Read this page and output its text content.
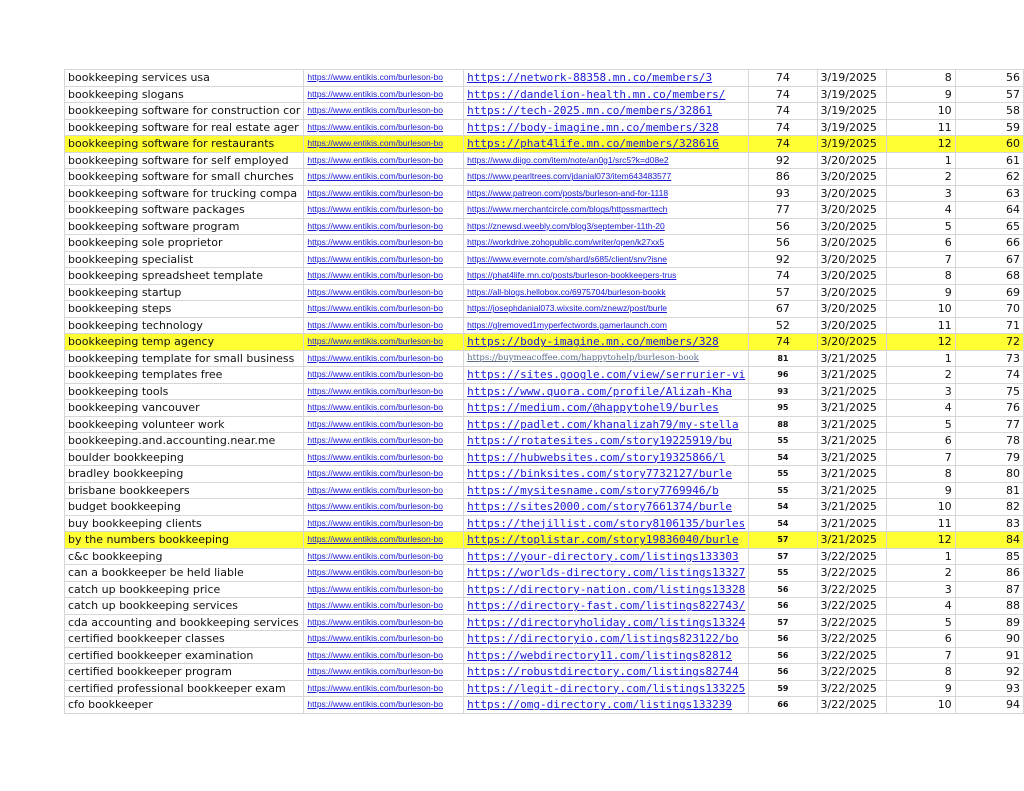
bookkeeping services usa	https://www.entikis.com/burleson-bo	https://network-88358.mn.co/members/3	74	3/19/2025	8	56
bookkeeping slogans	https://www.entikis.com/burleson-bo	https://dandelion-health.mn.co/members/	74	3/19/2025	9	57
bookkeeping software for construction cor	https://www.entikis.com/burleson-bo	https://tech-2025.mn.co/members/32861	74	3/19/2025	10	58
bookkeeping software for real estate ager	https://www.entikis.com/burleson-bo	https://body-imagine.mn.co/members/328	74	3/19/2025	11	59
bookkeeping software for restaurants	https://www.entikis.com/burleson-bo	https://phat4life.mn.co/members/328616	74	3/19/2025	12	60
bookkeeping software for self employed	https://www.entikis.com/burleson-bo	https://www.diigo.com/item/note/an0g1/src5?k=d08e2	92	3/20/2025	1	61
bookkeeping software for small churches	https://www.entikis.com/burleson-bo	https://www.pearltrees.com/jdanial073/item643483577	86	3/20/2025	2	62
bookkeeping software for trucking compa	https://www.entikis.com/burleson-bo	https://www.patreon.com/posts/burleson-and-for-1118	93	3/20/2025	3	63
bookkeeping software packages	https://www.entikis.com/burleson-bo	https://www.merchantcircle.com/blogs/httpssmarttech	77	3/20/2025	4	64
bookkeeping software program	https://www.entikis.com/burleson-bo	https://znewsd.weebly.com/blog3/september-11th-20	56	3/20/2025	5	65
bookkeeping sole proprietor	https://www.entikis.com/burleson-bo	https://workdrive.zohopublic.com/writer/open/k27xx5	56	3/20/2025	6	66
bookkeeping specialist	https://www.entikis.com/burleson-bo	https://www.evernote.com/shard/s685/client/snv?isne	92	3/20/2025	7	67
bookkeeping spreadsheet template	https://www.entikis.com/burleson-bo	https://phat4life.mn.co/posts/burleson-bookkeepers-trus	74	3/20/2025	8	68
bookkeeping startup	https://www.entikis.com/burleson-bo	https://all-blogs.hellobox.co/6975704/burleson-bookk	57	3/20/2025	9	69
bookkeeping steps	https://www.entikis.com/burleson-bo	https://josephdanial073.wixsite.com/znewz/post/burle	67	3/20/2025	10	70
bookkeeping technology	https://www.entikis.com/burleson-bo	https://glremoved1myperfectwords.gamerlaunch.com	52	3/20/2025	11	71
bookkeeping temp agency	https://www.entikis.com/burleson-bo	https://body-imagine.mn.co/members/328	74	3/20/2025	12	72
bookkeeping template for small business	https://www.entikis.com/burleson-bo	https://buymeacoffee.com/happytohelp/burleson-book	81	3/21/2025	1	73
bookkeeping templates free	https://www.entikis.com/burleson-bo	https://sites.google.com/view/serrurier-vi	96	3/21/2025	2	74
bookkeeping tools	https://www.entikis.com/burleson-bo	https://www.quora.com/profile/Alizah-Kha	93	3/21/2025	3	75
bookkeeping vancouver	https://www.entikis.com/burleson-bo	https://medium.com/@happytohel9/burles	95	3/21/2025	4	76
bookkeeping volunteer work	https://www.entikis.com/burleson-bo	https://padlet.com/khanalizah79/my-stella	88	3/21/2025	5	77
bookkeeping.and.accounting.near.me	https://www.entikis.com/burleson-bo	https://rotatesites.com/story19225919/bu	55	3/21/2025	6	78
boulder bookkeeping	https://www.entikis.com/burleson-bo	https://hubwebsites.com/story19325866/l	54	3/21/2025	7	79
bradley bookkeeping	https://www.entikis.com/burleson-bo	https://binksites.com/story7732127/burle	55	3/21/2025	8	80
brisbane bookkeepers	https://www.entikis.com/burleson-bo	https://mysitesname.com/story7769946/b	55	3/21/2025	9	81
budget bookkeeping	https://www.entikis.com/burleson-bo	https://sites2000.com/story7661374/burle	54	3/21/2025	10	82
buy bookkeeping clients	https://www.entikis.com/burleson-bo	https://thejillist.com/story8106135/burles	54	3/21/2025	11	83
by the numbers bookkeeping	https://www.entikis.com/burleson-bo	https://toplistar.com/story19836040/burle	57	3/21/2025	12	84
c&c bookkeeping	https://www.entikis.com/burleson-bo	https://your-directory.com/listings133303	57	3/22/2025	1	85
can a bookkeeper be held liable	https://www.entikis.com/burleson-bo	https://worlds-directory.com/listings13327	55	3/22/2025	2	86
catch up bookkeeping price	https://www.entikis.com/burleson-bo	https://directory-nation.com/listings13328	56	3/22/2025	3	87
catch up bookkeeping services	https://www.entikis.com/burleson-bo	https://directory-fast.com/listings822743/	56	3/22/2025	4	88
cda accounting and bookkeeping services	https://www.entikis.com/burleson-bo	https://directoryholiday.com/listings13324	57	3/22/2025	5	89
certified bookkeeper classes	https://www.entikis.com/burleson-bo	https://directoryio.com/listings823122/bo	56	3/22/2025	6	90
certified bookkeeper examination	https://www.entikis.com/burleson-bo	https://webdirectory11.com/listings82812	56	3/22/2025	7	91
certified bookkeeper program	https://www.entikis.com/burleson-bo	https://robustdirectory.com/listings82744	56	3/22/2025	8	92
certified professional bookkeeper exam	https://www.entikis.com/burleson-bo	https://legit-directory.com/listings133225	59	3/22/2025	9	93
cfo bookkeeper	https://www.entikis.com/burleson-bo	https://omg-directory.com/listings133239	66	3/22/2025	10	94
